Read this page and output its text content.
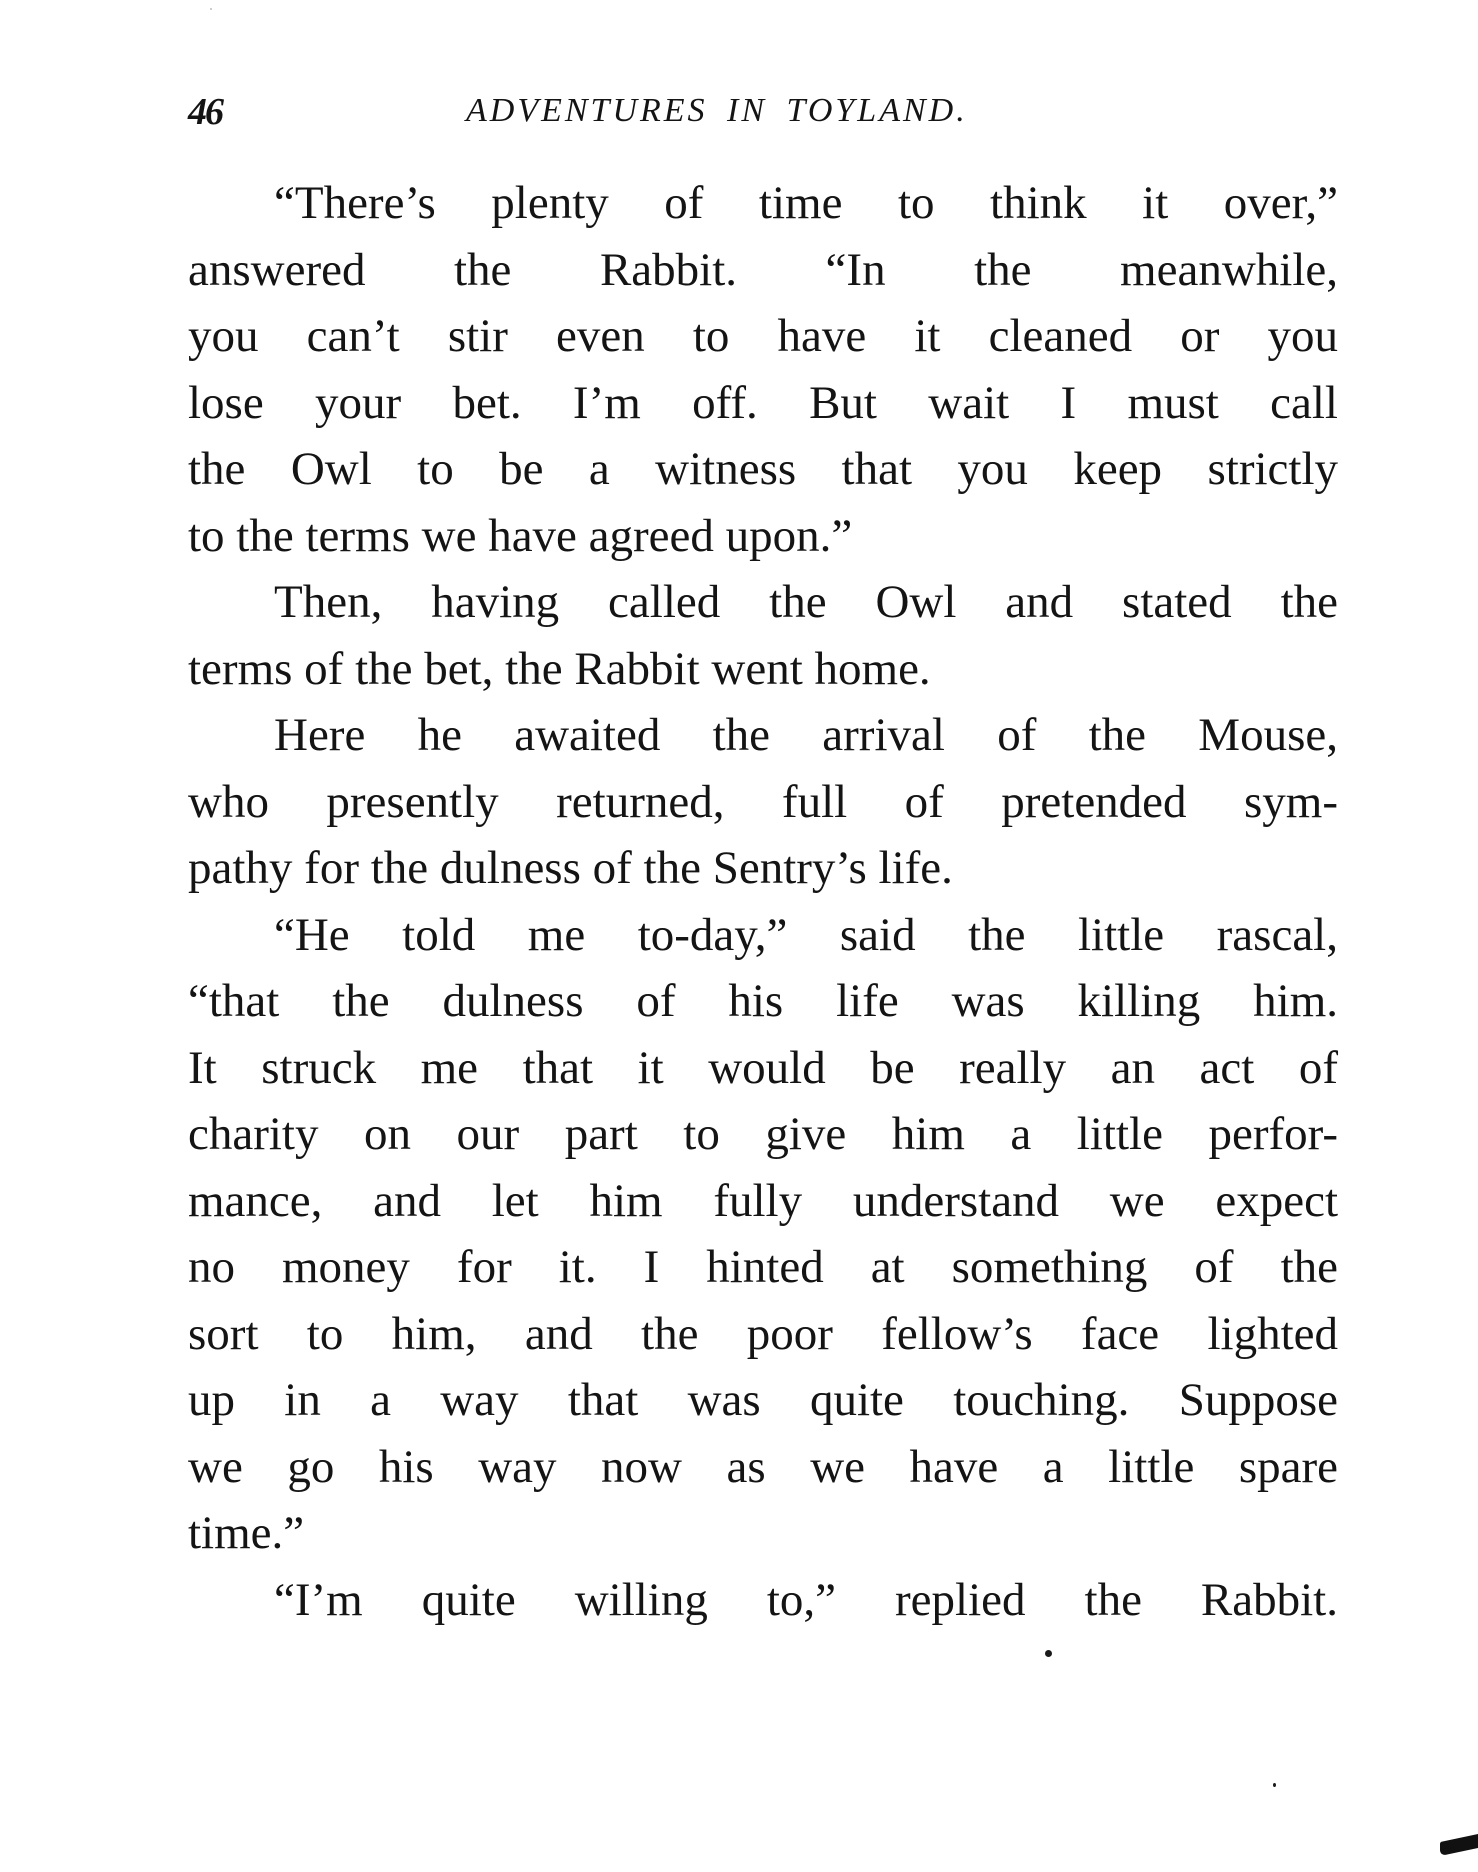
46	ADVENTURES IN TOYLAND.
“There’s plenty of time to think it over,”
answered the Rabbit. “In the meanwhile,
you can’t stir even to have it cleaned or you
lose your bet. I’m off. But wait I must call
the Owl to be a witness that you keep strictly
to the terms we have agreed upon.”
Then, having called the Owl and stated the
terms of the bet, the Rabbit went home.
Here he awaited the arrival of the Mouse,
who presently returned, full of pretended sym-
pathy for the dulness of the Sentry’s life.
“He told me to-day,” said the little rascal,
“that the dulness of his life was killing him.
It struck me that it would be really an act of
charity on our part to give him a little perfor-
mance, and let him fully understand we expect
no money for it. I hinted at something of the
sort to him, and the poor fellow’s face lighted
up in a way that was quite touching. Suppose
we go his way now as we have a little spare
time.”
“I’m quite willing to,” replied the Rabbit.
